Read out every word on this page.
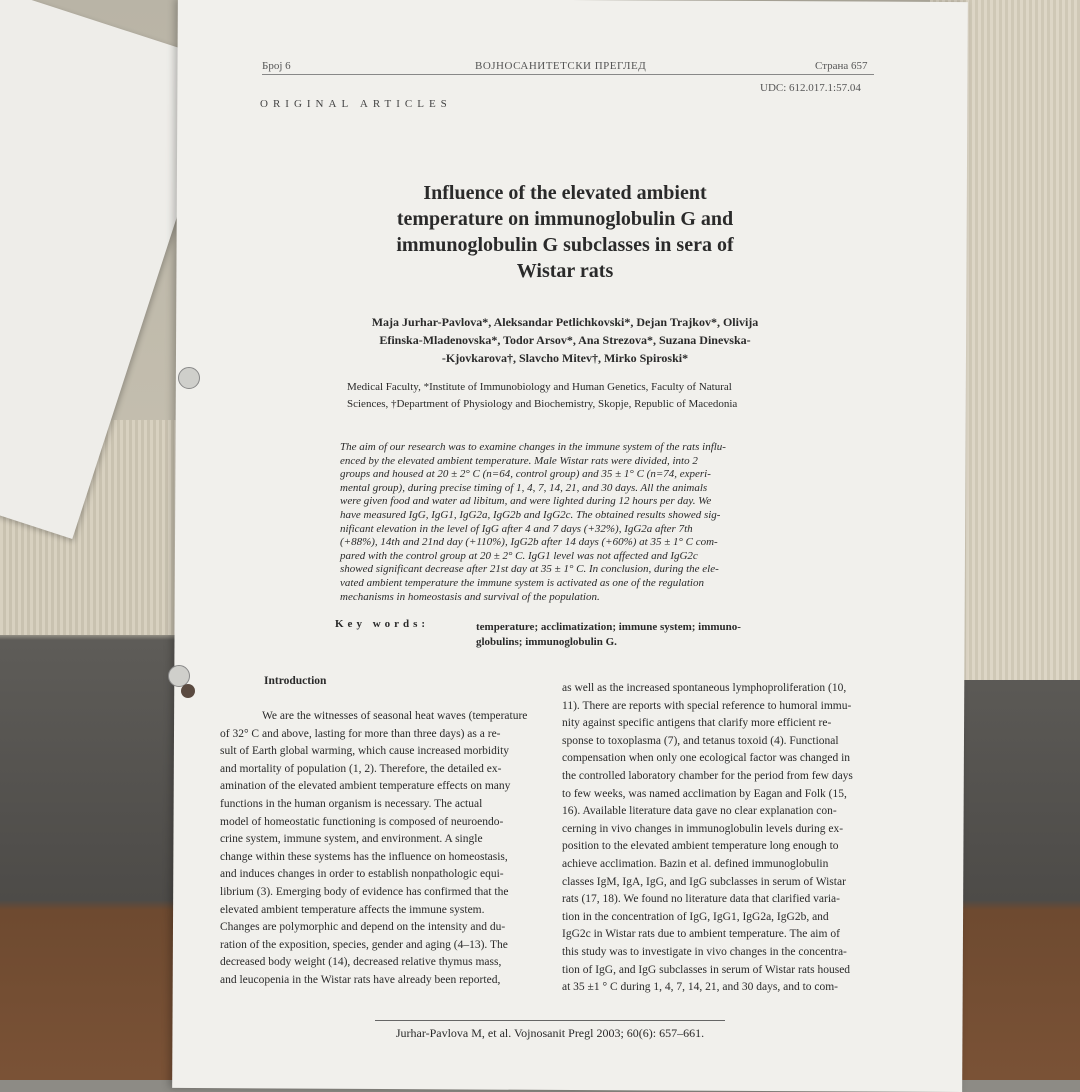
Број 6	ВОЈНОСАНИТЕТСКИ ПРЕГЛЕД	Страна 657
UDC: 612.017.1:57.04
ORIGINAL ARTICLES
Influence of the elevated ambient
temperature on immunoglobulin G and
immunoglobulin G subclasses in sera of
Wistar rats
Maja Jurhar-Pavlova*, Aleksandar Petlichkovski*, Dejan Trajkov*, Olivija
Efinska-Mladenovska*, Todor Arsov*, Ana Strezova*, Suzana Dinevska-
-Kjovkarova†, Slavcho Mitev†, Mirko Spiroski*
Medical Faculty, *Institute of Immunobiology and Human Genetics, Faculty of Natural
Sciences, †Department of Physiology and Biochemistry, Skopje, Republic of Macedonia
The aim of our research was to examine changes in the immune system of the rats influ-
enced by the elevated ambient temperature. Male Wistar rats were divided, into 2
groups and housed at 20 ± 2° C (n=64, control group) and 35 ± 1° C (n=74, experi-
mental group), during precise timing of 1, 4, 7, 14, 21, and 30 days. All the animals
were given food and water ad libitum, and were lighted during 12 hours per day. We
have measured IgG, IgG1, IgG2a, IgG2b and IgG2c. The obtained results showed sig-
nificant elevation in the level of IgG after 4 and 7 days (+32%), IgG2a after 7th
(+88%), 14th and 21nd day (+110%), IgG2b after 14 days (+60%) at 35 ± 1° C com-
pared with the control group at 20 ± 2° C. IgG1 level was not affected and IgG2c
showed significant decrease after 21st day at 35 ± 1° C. In conclusion, during the ele-
vated ambient temperature the immune system is activated as one of the regulation
mechanisms in homeostasis and survival of the population.
Key words:	temperature; acclimatization; immune system; immuno-
globulins; immunoglobulin G.
Introduction
We are the witnesses of seasonal heat waves (temperature
of 32° C and above, lasting for more than three days) as a re-
sult of Earth global warming, which cause increased morbidity
and mortality of population (1, 2). Therefore, the detailed ex-
amination of the elevated ambient temperature effects on many
functions in the human organism is necessary. The actual
model of homeostatic functioning is composed of neuroendo-
crine system, immune system, and environment. A single
change within these systems has the influence on homeostasis,
and induces changes in order to establish nonpathologic equi-
librium (3). Emerging body of evidence has confirmed that the
elevated ambient temperature affects the immune system.
Changes are polymorphic and depend on the intensity and du-
ration of the exposition, species, gender and aging (4–13). The
decreased body weight (14), decreased relative thymus mass,
and leucopenia in the Wistar rats have already been reported,
as well as the increased spontaneous lymphoproliferation (10,
11). There are reports with special reference to humoral immu-
nity against specific antigens that clarify more efficient re-
sponse to toxoplasma (7), and tetanus toxoid (4). Functional
compensation when only one ecological factor was changed in
the controlled laboratory chamber for the period from few days
to few weeks, was named acclimation by Eagan and Folk (15,
16). Available literature data gave no clear explanation con-
cerning in vivo changes in immunoglobulin levels during ex-
position to the elevated ambient temperature long enough to
achieve acclimation. Bazin et al. defined immunoglobulin
classes IgM, IgA, IgG, and IgG subclasses in serum of Wistar
rats (17, 18). We found no literature data that clarified varia-
tion in the concentration of IgG, IgG1, IgG2a, IgG2b, and
IgG2c in Wistar rats due to ambient temperature. The aim of
this study was to investigate in vivo changes in the concentra-
tion of IgG, and IgG subclasses in serum of Wistar rats housed
at 35 ±1 ° C during 1, 4, 7, 14, 21, and 30 days, and to com-
Jurhar-Pavlova M, et al. Vojnosanit Pregl 2003; 60(6): 657–661.
